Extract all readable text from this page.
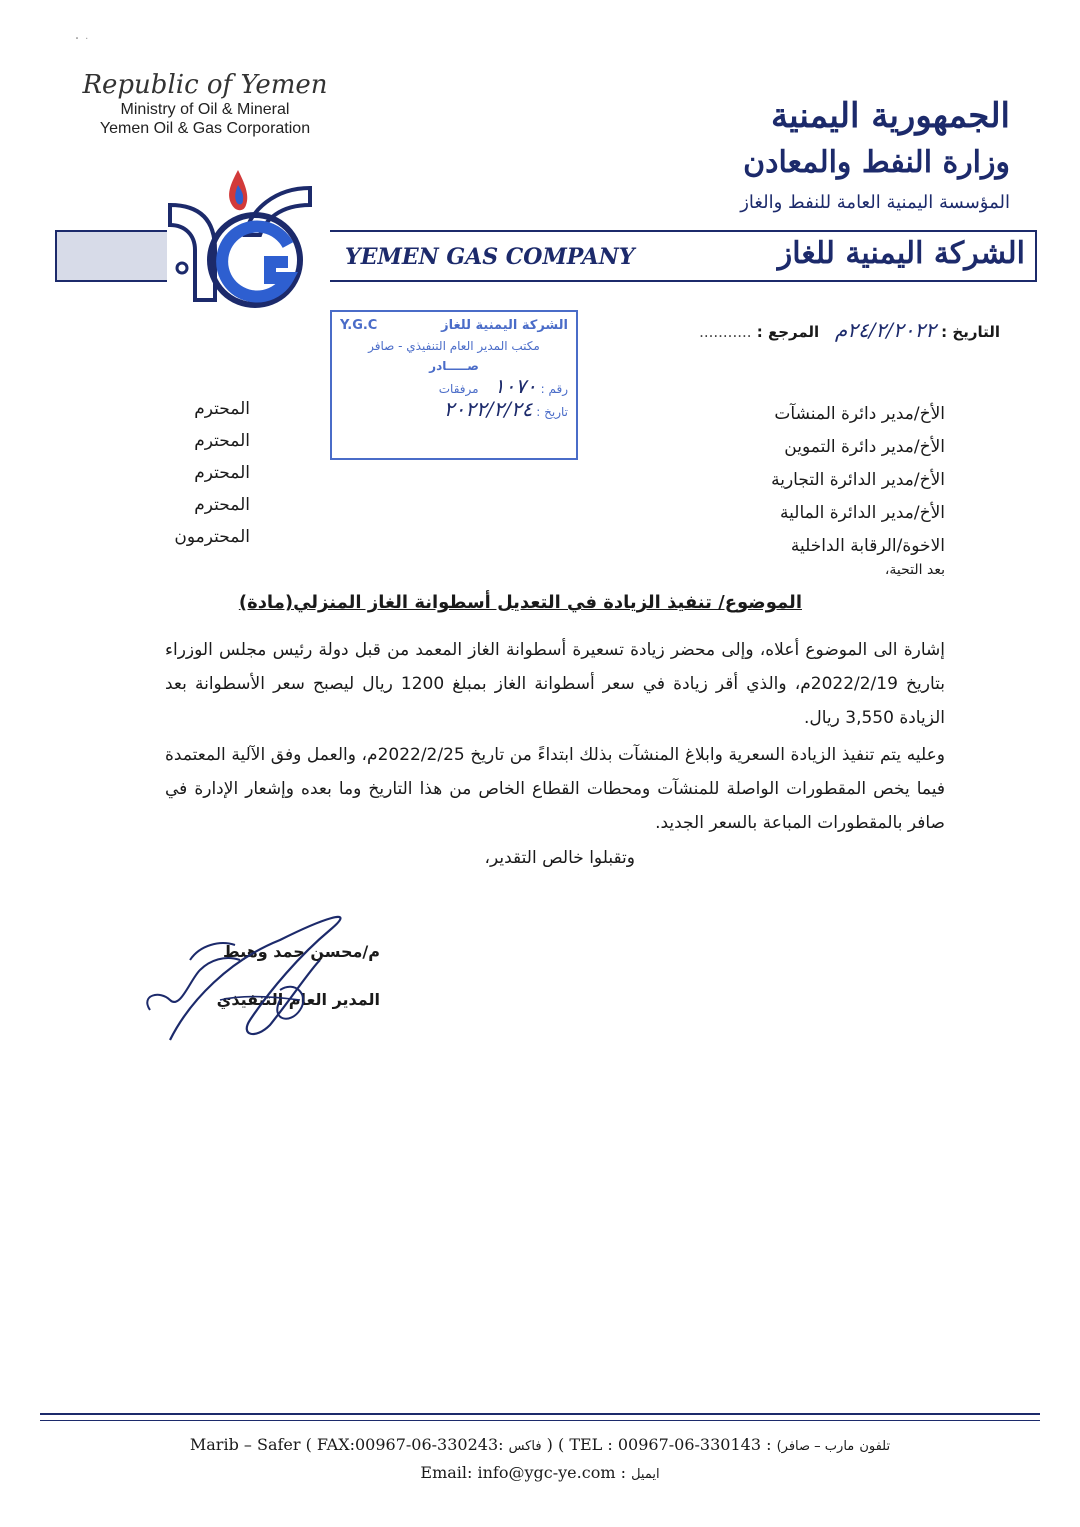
・ ·
Republic of Yemen
Ministry of Oil & Mineral
Yemen Oil & Gas Corporation	الجمهورية اليمنية
وزارة النفط والمعادن
المؤسسة اليمنية العامة للنفط والغاز
YEMEN GAS COMPANY	الشركة اليمنية للغاز
التاريخ : ٢٤/٢/٢٠٢٢م   المرجع : ...........
الشركة اليمنية للغاز
Y.G.C
مكتب المدير العام التنفيذي - صافر
صـــــادر
رقم : ١٠٧٠    مرفقات
تاريخ : ٢٠٢٢/٢/٢٤	الأخ/مدير دائرة المنشآت
الأخ/مدير دائرة التموين
الأخ/مدير الدائرة التجارية
الأخ/مدير الدائرة المالية
الاخوة/الرقابة الداخلية
المحترم
المحترم
المحترم
المحترم
المحترمون
بعد التحية،
الموضوع/ تنفيذ الزيادة في التعديل أسطوانة الغاز المنزلي(مادة)
إشارة الى الموضوع أعلاه، وإلى محضر زيادة تسعيرة أسطوانة الغاز المعمد من قبل دولة رئيس مجلس الوزراء بتاريخ 2022/2/19م، والذي أقر زيادة في سعر أسطوانة الغاز بمبلغ 1200 ريال ليصبح سعر الأسطوانة بعد الزيادة 3,550 ريال.
وعليه يتم تنفيذ الزيادة السعرية وابلاغ المنشآت بذلك ابتداءً من تاريخ 2022/2/25م، والعمل وفق الآلية المعتمدة فيما يخص المقطورات الواصلة للمنشآت ومحطات القطاع الخاص من هذا التاريخ وما بعده وإشعار الإدارة في صافر بالمقطورات المباعة بالسعر الجديد.
وتقبلوا خالص التقدير،
م/محسن حمد وهيط
المدير العام التنفيذي
Marib – Safer ( FAX:00967-06-330243: فاكس ) ( TEL : 00967-06-330143 : (تلفون مارب – صافر
Email: info@ygc-ye.com : ايميل
